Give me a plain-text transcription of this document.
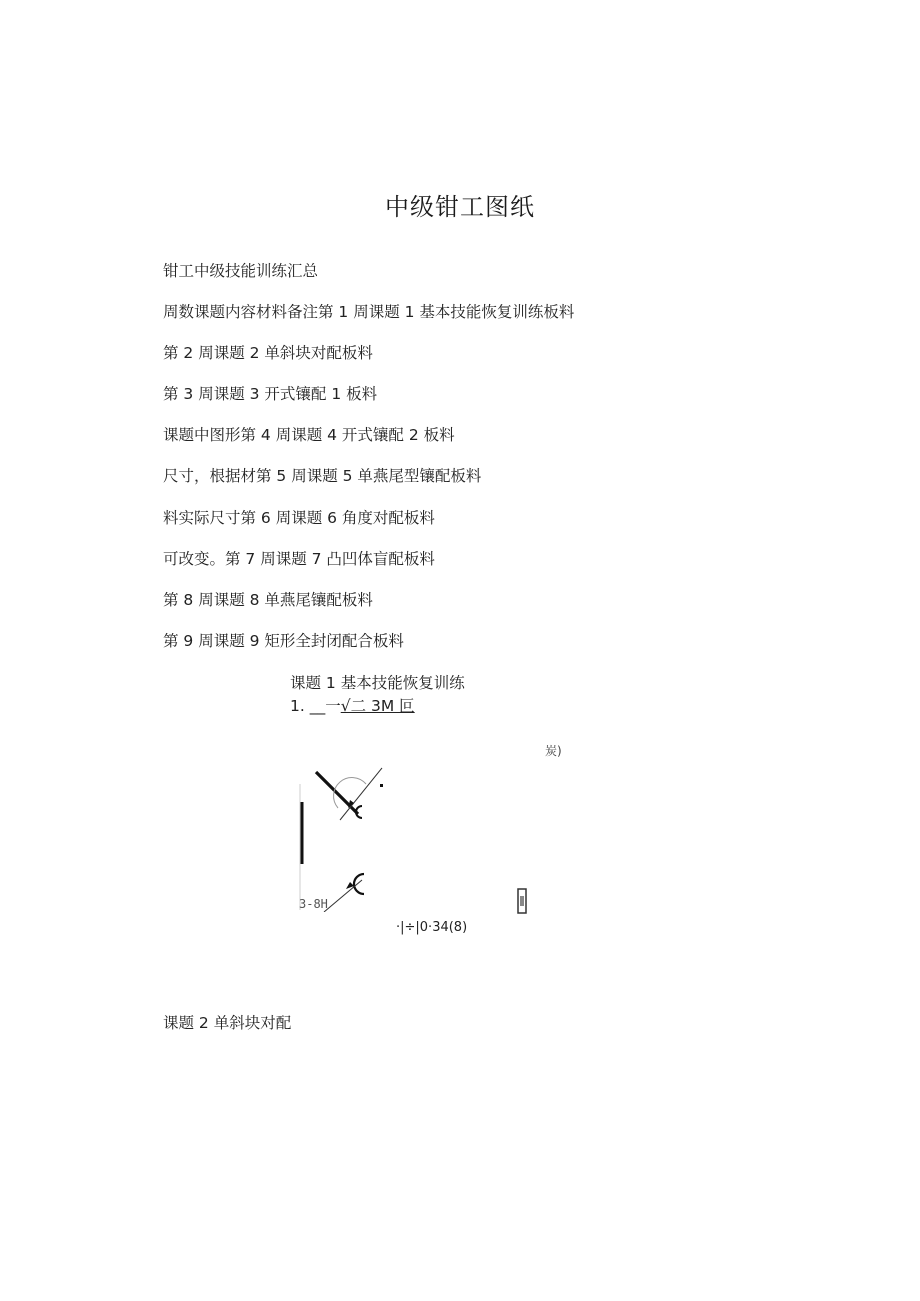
中级钳工图纸
钳工中级技能训练汇总
周数课题内容材料备注第 1 周课题 1 基本技能恢复训练板料
第 2 周课题 2 单斜块对配板料
第 3 周课题 3 开式镶配 1 板料
课题中图形第 4 周课题 4 开式镶配 2 板料
尺寸，根据材第 5 周课题 5 单燕尾型镶配板料
料实际尺寸第 6 周课题 6 角度对配板料
可改变。第 7 周课题 7 凸凹体盲配板料
第 8 周课题 8 单燕尾镶配板料
第 9 周课题 9 矩形全封闭配合板料
课题 1 基本技能恢复训练
1. __一√二 3M 叵
炭)
3-8H
·|÷|0·34(8)
课题 2 单斜块对配
